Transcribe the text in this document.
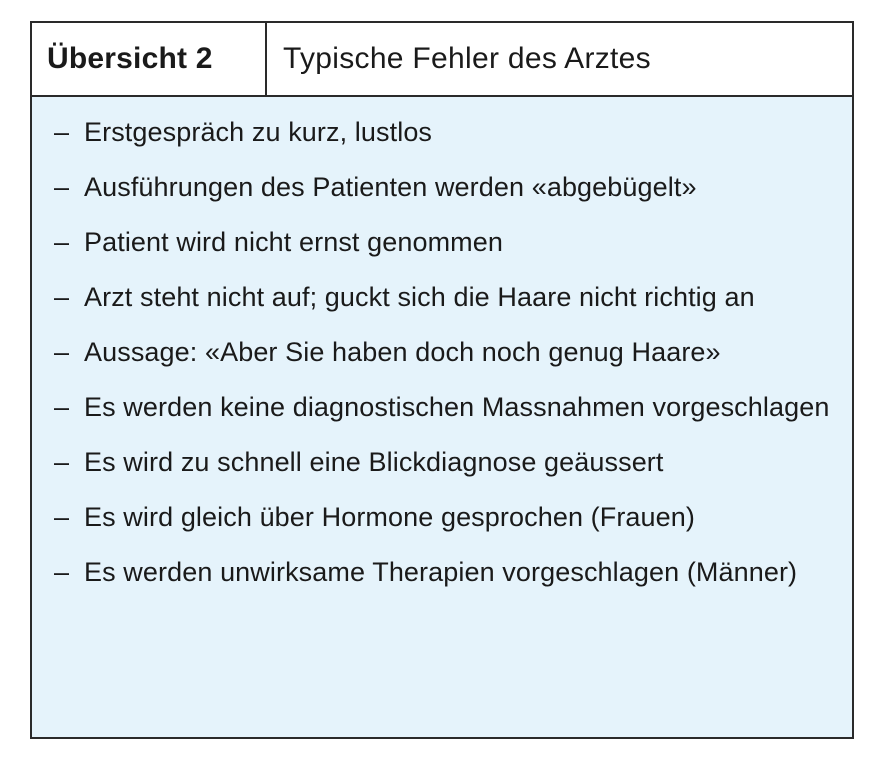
Übersicht 2	Typische Fehler des Arztes
– Erstgespräch zu kurz, lustlos
– Ausführungen des Patienten werden «abgebügelt»
– Patient wird nicht ernst genommen
– Arzt steht nicht auf; guckt sich die Haare nicht richtig an
– Aussage: «Aber Sie haben doch noch genug Haare»
– Es werden keine diagnostischen Massnahmen vorgeschlagen
– Es wird zu schnell eine Blickdiagnose geäussert
– Es wird gleich über Hormone gesprochen (Frauen)
– Es werden unwirksame Therapien vorgeschlagen (Männer)
